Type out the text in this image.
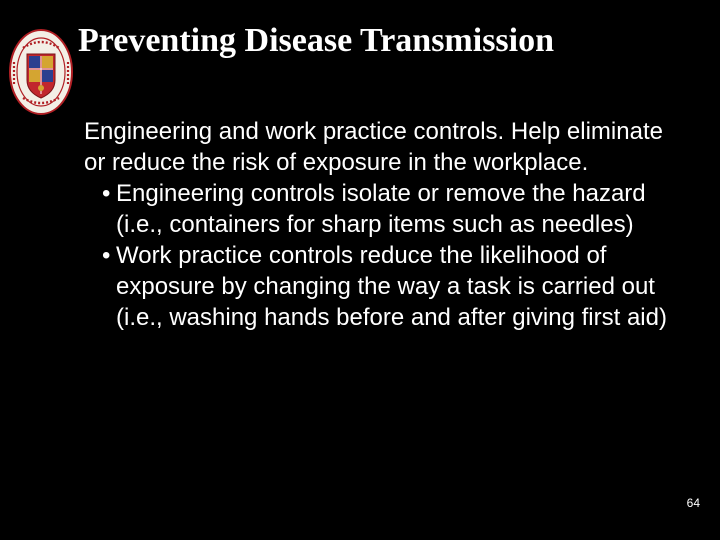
Preventing Disease Transmission

Engineering and work practice controls. Help eliminate or reduce the risk of exposure in the workplace.

• Engineering controls isolate or remove the hazard (i.e., containers for sharp items such as needles)
• Work practice controls reduce the likelihood of exposure by changing the way a task is carried out (i.e., washing hands before and after giving first aid)
64
